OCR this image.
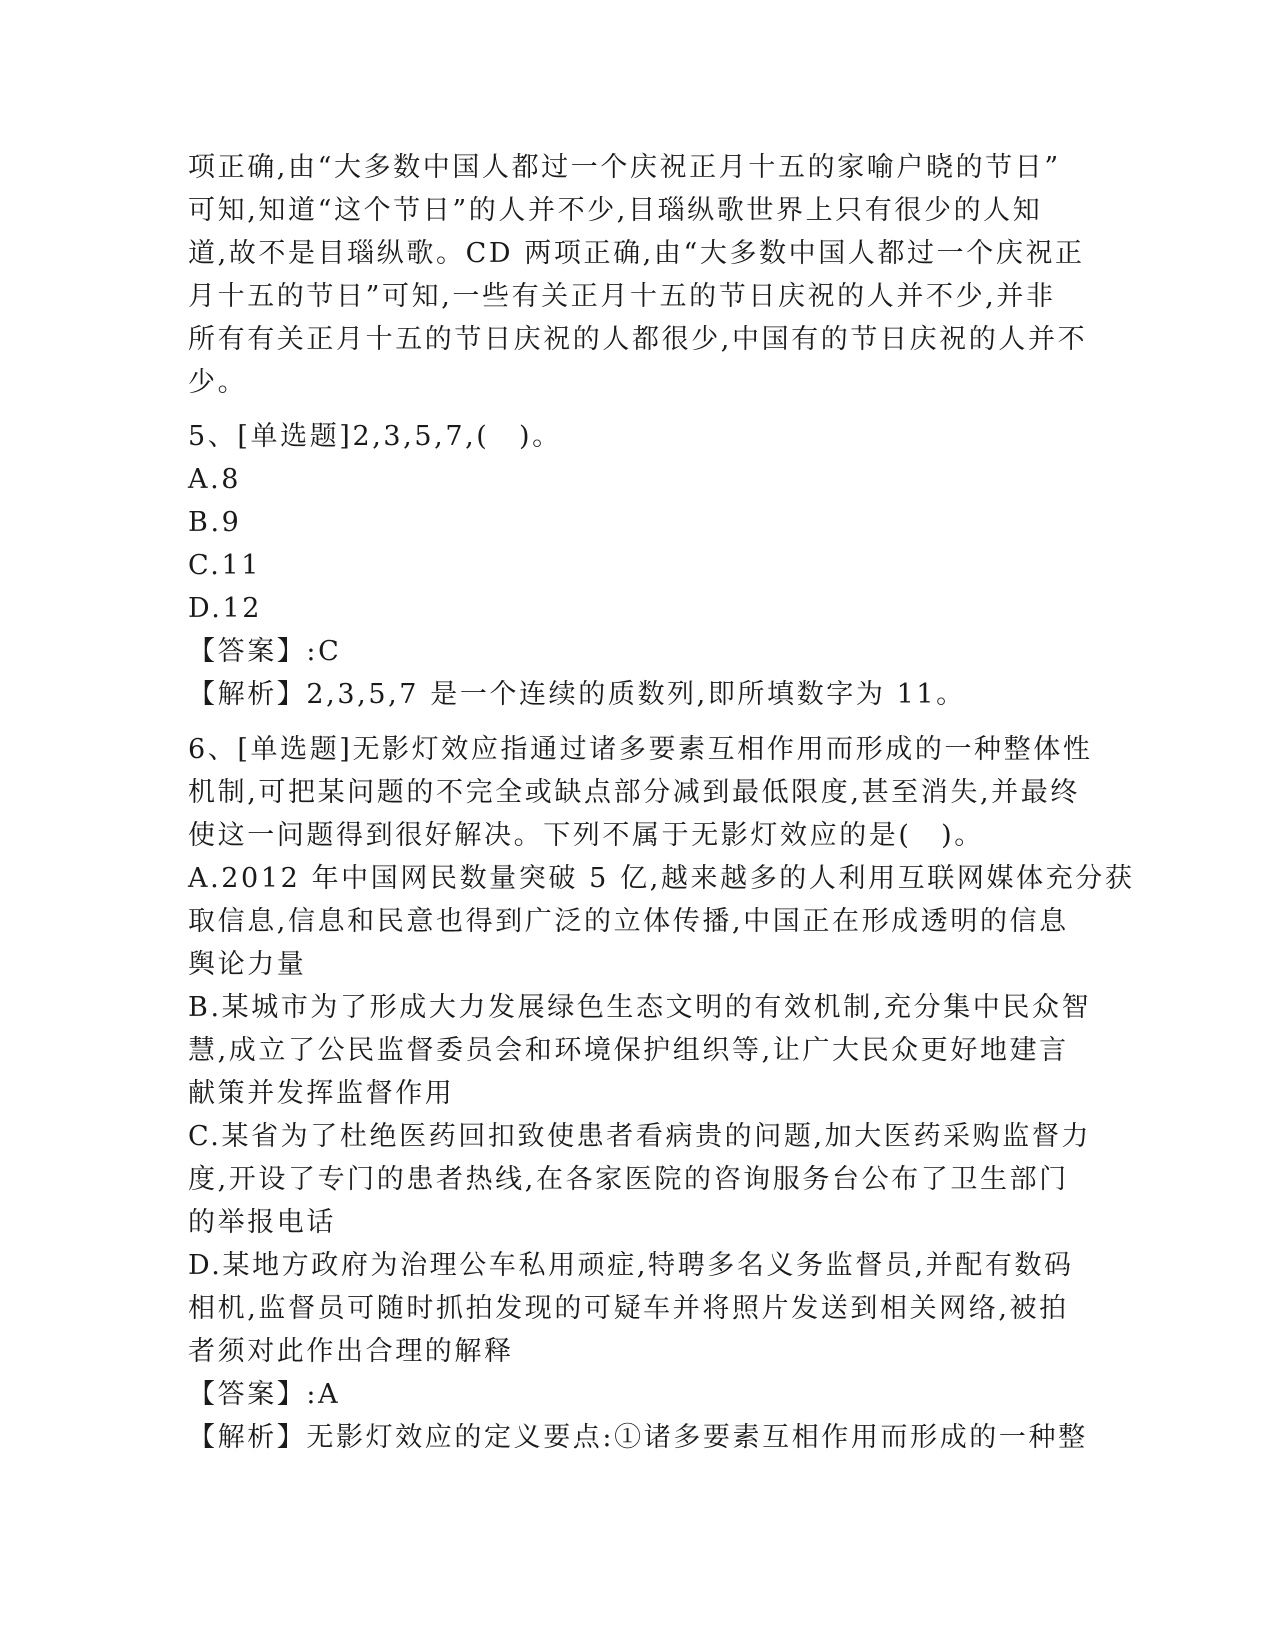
项正确,由“大多数中国人都过一个庆祝正月十五的家喻户晓的节日”
可知,知道“这个节日”的人并不少,目瑙纵歌世界上只有很少的人知
道,故不是目瑙纵歌。CD 两项正确,由“大多数中国人都过一个庆祝正
月十五的节日”可知,一些有关正月十五的节日庆祝的人并不少,并非
所有有关正月十五的节日庆祝的人都很少,中国有的节日庆祝的人并不
少。
5、[单选题]2,3,5,7,(　)。
A.8
B.9
C.11
D.12
【答案】:C
【解析】2,3,5,7 是一个连续的质数列,即所填数字为 11。
6、[单选题]无影灯效应指通过诸多要素互相作用而形成的一种整体性
机制,可把某问题的不完全或缺点部分减到最低限度,甚至消失,并最终
使这一问题得到很好解决。下列不属于无影灯效应的是(　)。
A.2012 年中国网民数量突破 5 亿,越来越多的人利用互联网媒体充分获
取信息,信息和民意也得到广泛的立体传播,中国正在形成透明的信息
舆论力量
B.某城市为了形成大力发展绿色生态文明的有效机制,充分集中民众智
慧,成立了公民监督委员会和环境保护组织等,让广大民众更好地建言
献策并发挥监督作用
C.某省为了杜绝医药回扣致使患者看病贵的问题,加大医药采购监督力
度,开设了专门的患者热线,在各家医院的咨询服务台公布了卫生部门
的举报电话
D.某地方政府为治理公车私用顽症,特聘多名义务监督员,并配有数码
相机,监督员可随时抓拍发现的可疑车并将照片发送到相关网络,被拍
者须对此作出合理的解释
【答案】:A
【解析】无影灯效应的定义要点:①诸多要素互相作用而形成的一种整
